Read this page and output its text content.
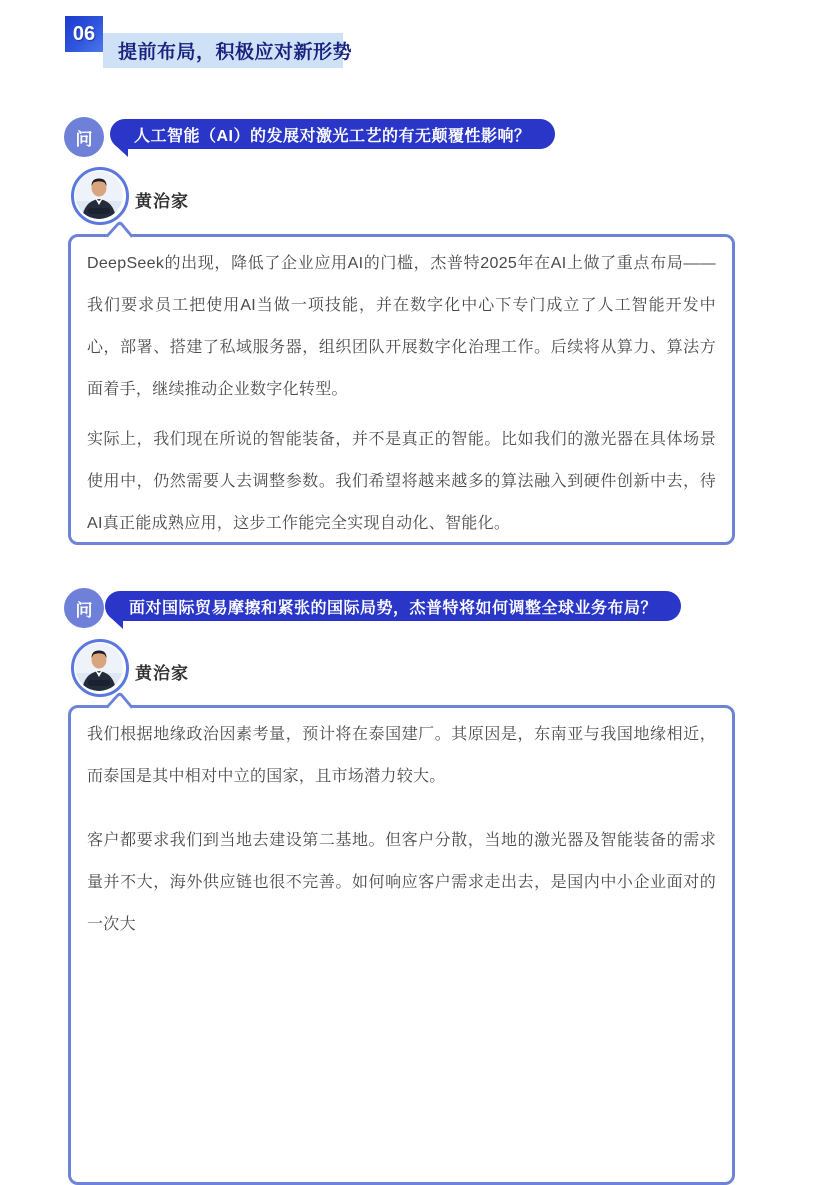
06
提前布局，积极应对新形势
问	人工智能（AI）的发展对激光工艺的有无颠覆性影响？
黄治家

DeepSeek的出现，降低了企业应用AI的门槛，杰普特2025年在AI上做了重点布局——我们要求员工把使用AI当做一项技能，并在数字化中心下专门成立了人工智能开发中心，部署、搭建了私域服务器，组织团队开展数字化治理工作。后续将从算力、算法方面着手，继续推动企业数字化转型。

实际上，我们现在所说的智能装备，并不是真正的智能。比如我们的激光器在具体场景使用中，仍然需要人去调整参数。我们希望将越来越多的算法融入到硬件创新中去，待AI真正能成熟应用，这步工作能完全实现自动化、智能化。

问	面对国际贸易摩擦和紧张的国际局势，杰普特将如何调整全球业务布局？
黄治家

我们根据地缘政治因素考量，预计将在泰国建厂。其原因是，东南亚与我国地缘相近，而泰国是其中相对中立的国家，且市场潜力较大。

客户都要求我们到当地去建设第二基地。但客户分散，当地的激光器及智能装备的需求量并不大，海外供应链也很不完善。如何响应客户需求走出去，是国内中小企业面对的一次大
